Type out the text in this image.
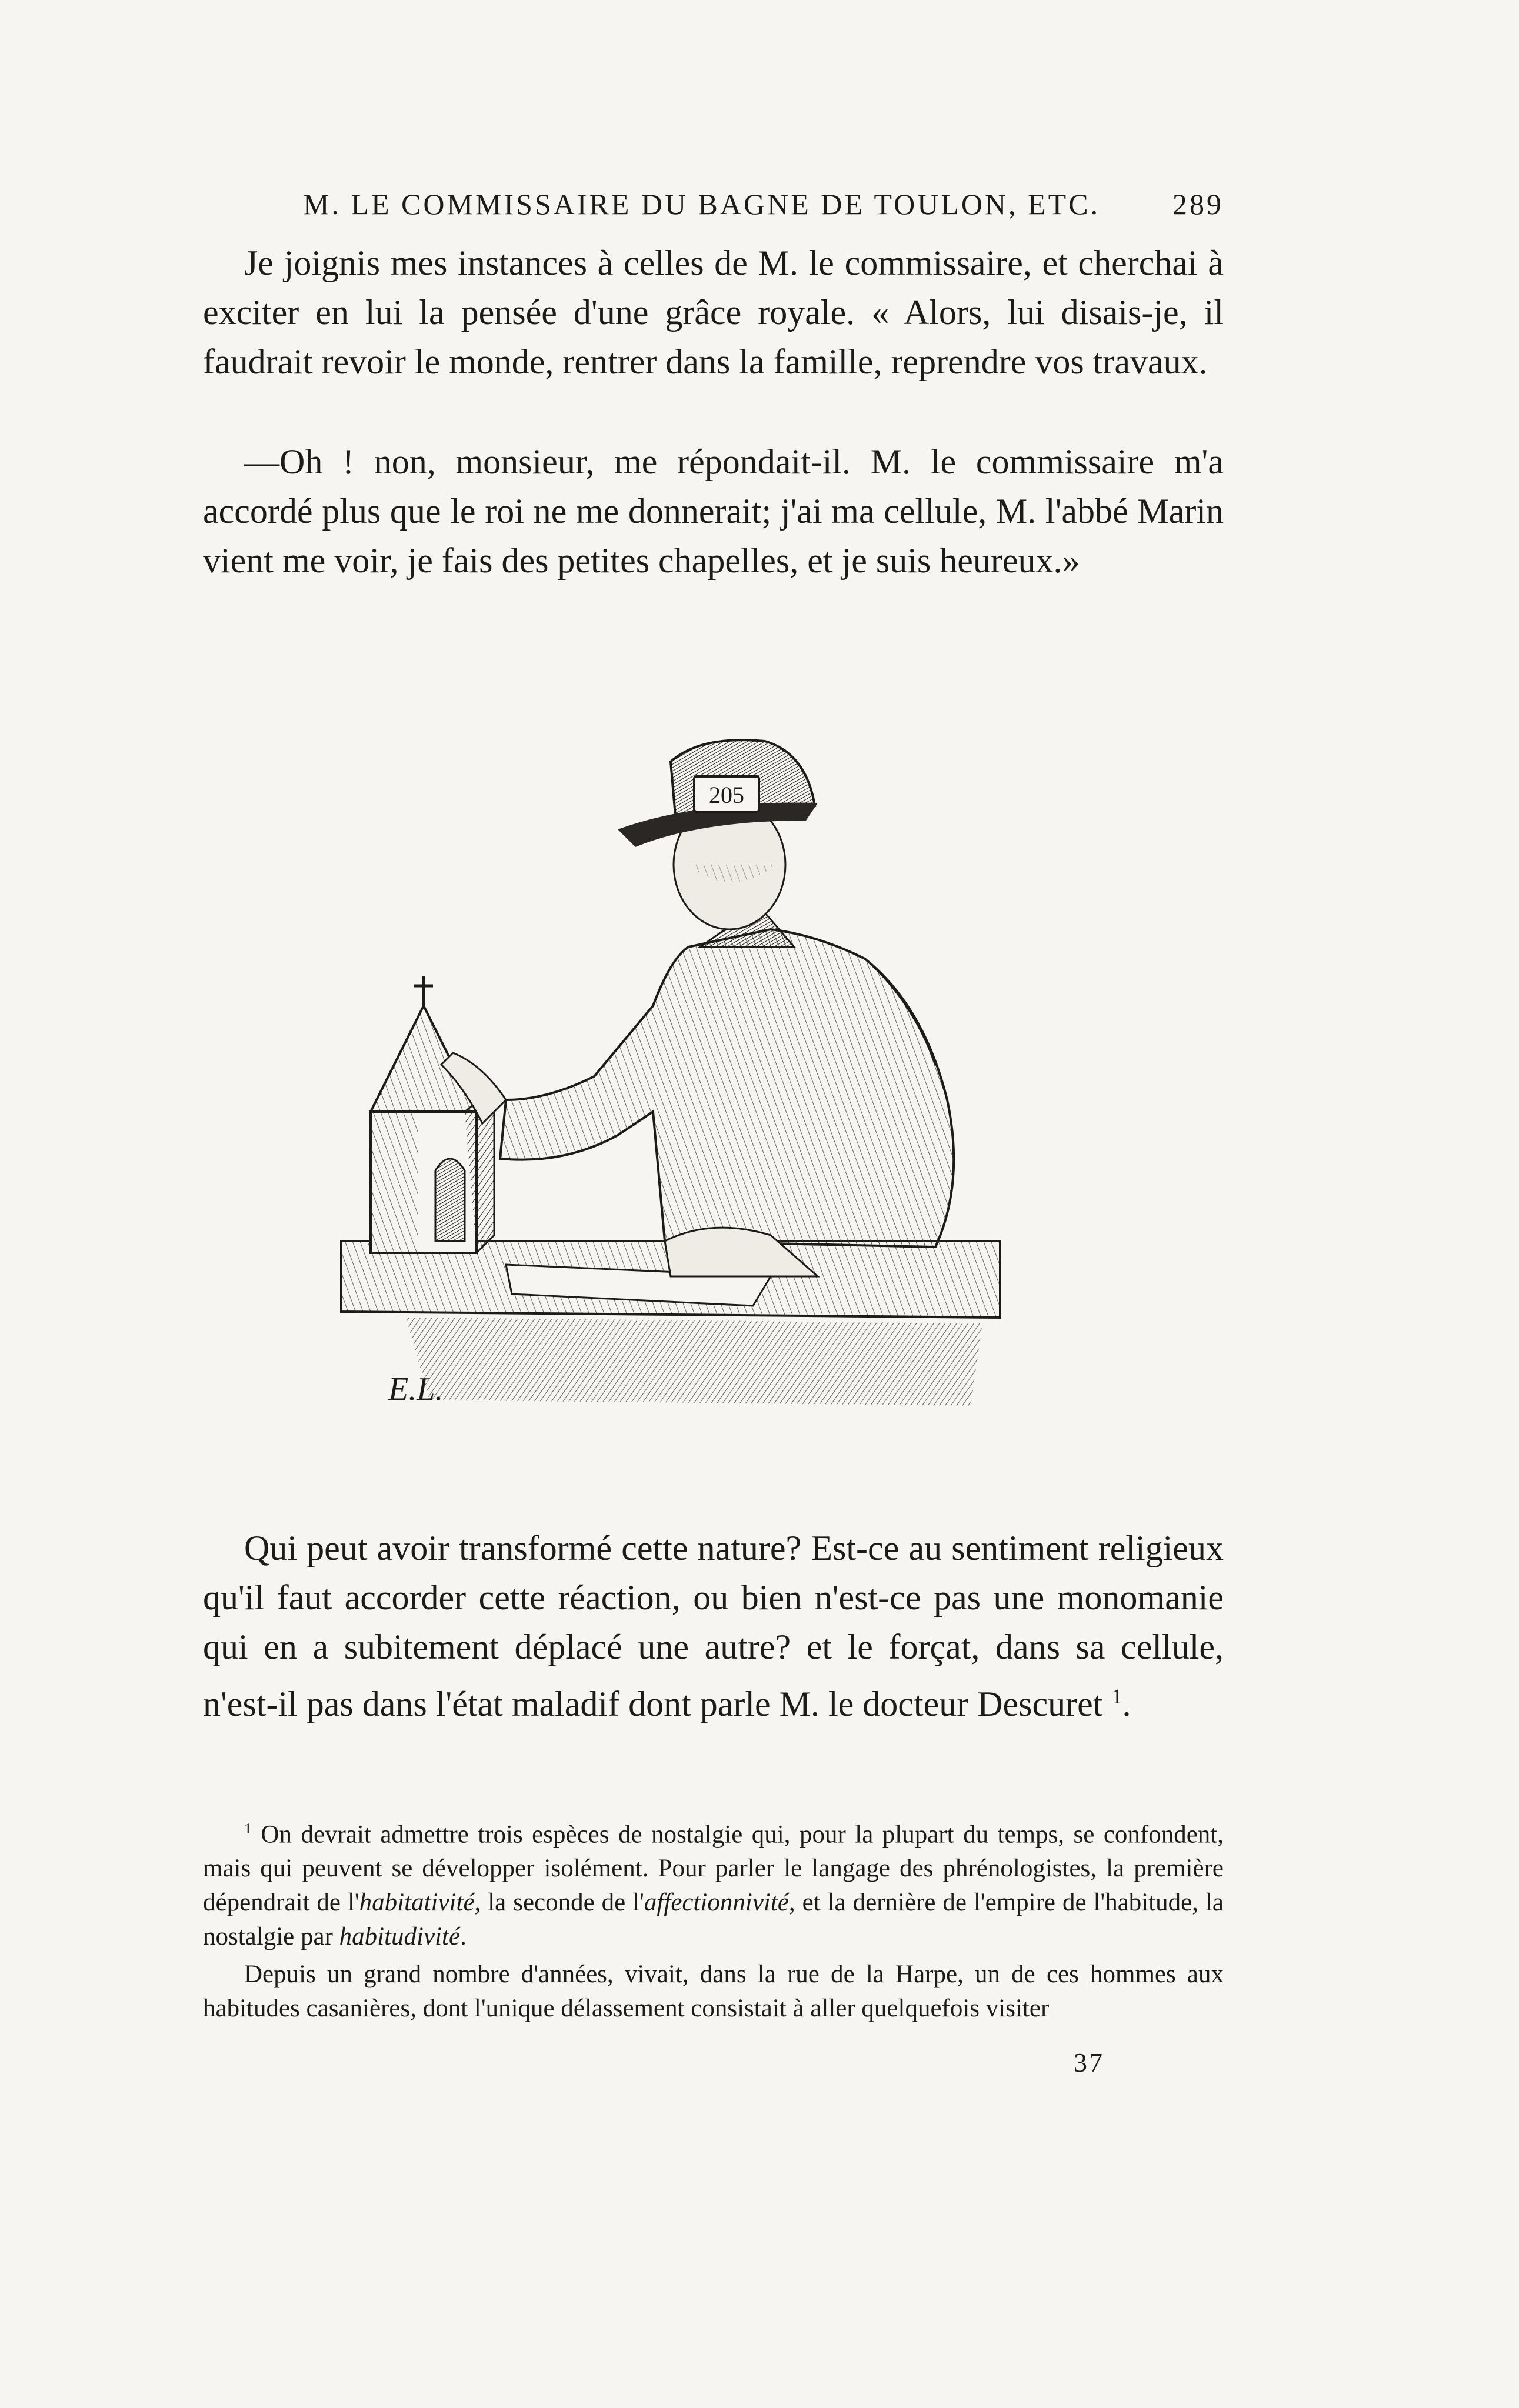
M. LE COMMISSAIRE DU BAGNE DE TOULON, ETC. 289

Je joignis mes instances à celles de M. le commissaire, et cherchai à exciter en lui la pensée d'une grâce royale. « Alors, lui disais-je, il faudrait revoir le monde, rentrer dans la famille, reprendre vos travaux.

—Oh ! non, monsieur, me répondait-il. M. le commissaire m'a accordé plus que le roi ne me donnerait; j'ai ma cellule, M. l'abbé Marin vient me voir, je fais des petites chapelles, et je suis heureux.»

205
E.L.

Qui peut avoir transformé cette nature? Est-ce au sentiment religieux qu'il faut accorder cette réaction, ou bien n'est-ce pas une monomanie qui en a subitement déplacé une autre? et le forçat, dans sa cellule, n'est-il pas dans l'état maladif dont parle M. le docteur Descuret $^1$.

$^1$ On devrait admettre trois espèces de nostalgie qui, pour la plupart du temps, se confondent, mais qui peuvent se développer isolément. Pour parler le langage des phrénologistes, la première dépendrait de l'habitativité, la seconde de l'affectionnivité, et la dernière de l'empire de l'habitude, la nostalgie par habitudivité.

Depuis un grand nombre d'années, vivait, dans la rue de la Harpe, un de ces hommes aux habitudes casanières, dont l'unique délassement consistait à aller quelquefois visiter

37
